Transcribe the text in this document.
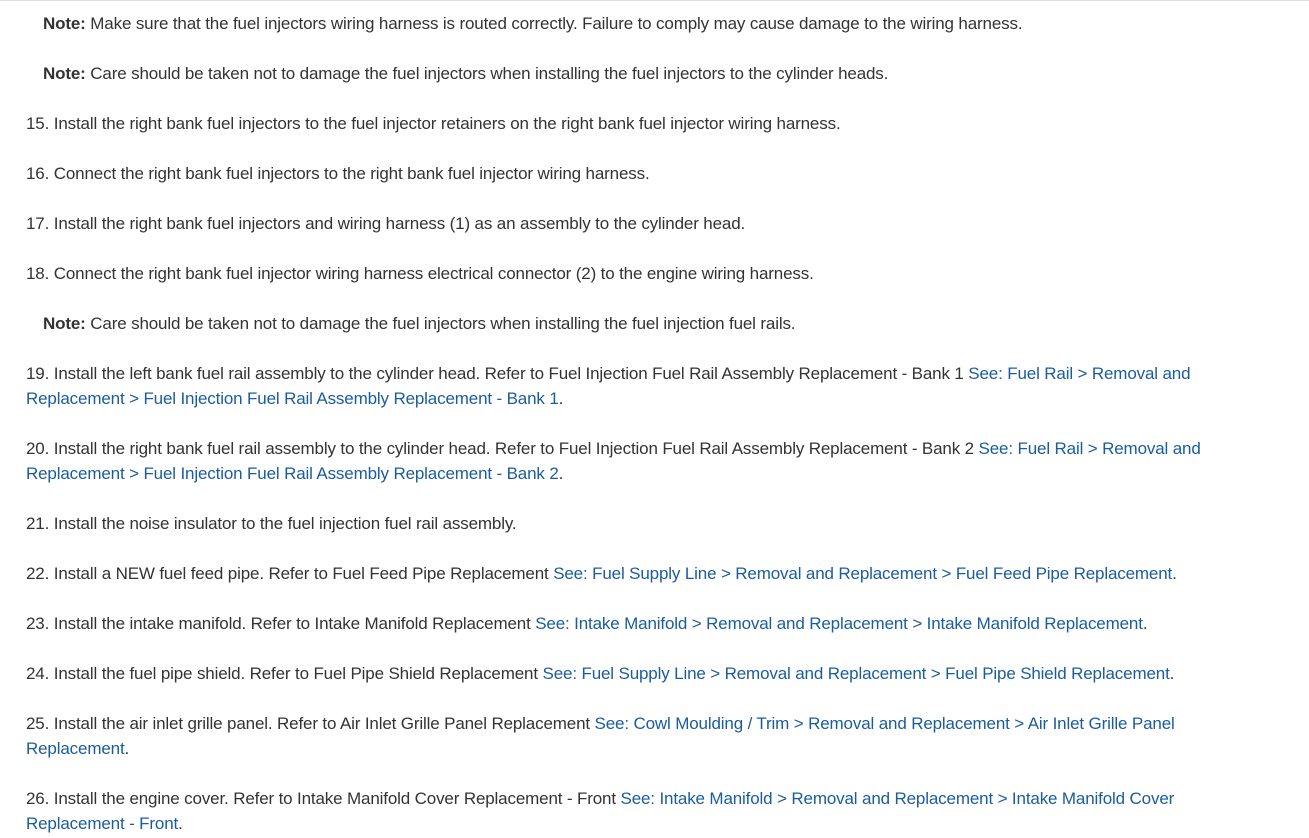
Note: Make sure that the fuel injectors wiring harness is routed correctly. Failure to comply may cause damage to the wiring harness.

Note: Care should be taken not to damage the fuel injectors when installing the fuel injectors to the cylinder heads.

15. Install the right bank fuel injectors to the fuel injector retainers on the right bank fuel injector wiring harness.

16. Connect the right bank fuel injectors to the right bank fuel injector wiring harness.

17. Install the right bank fuel injectors and wiring harness (1) as an assembly to the cylinder head.

18. Connect the right bank fuel injector wiring harness electrical connector (2) to the engine wiring harness.

Note: Care should be taken not to damage the fuel injectors when installing the fuel injection fuel rails.

19. Install the left bank fuel rail assembly to the cylinder head. Refer to Fuel Injection Fuel Rail Assembly Replacement - Bank 1 See: Fuel Rail > Removal and Replacement > Fuel Injection Fuel Rail Assembly Replacement - Bank 1.

20. Install the right bank fuel rail assembly to the cylinder head. Refer to Fuel Injection Fuel Rail Assembly Replacement - Bank 2 See: Fuel Rail > Removal and Replacement > Fuel Injection Fuel Rail Assembly Replacement - Bank 2.

21. Install the noise insulator to the fuel injection fuel rail assembly.

22. Install a NEW fuel feed pipe. Refer to Fuel Feed Pipe Replacement See: Fuel Supply Line > Removal and Replacement > Fuel Feed Pipe Replacement.

23. Install the intake manifold. Refer to Intake Manifold Replacement See: Intake Manifold > Removal and Replacement > Intake Manifold Replacement.

24. Install the fuel pipe shield. Refer to Fuel Pipe Shield Replacement See: Fuel Supply Line > Removal and Replacement > Fuel Pipe Shield Replacement.

25. Install the air inlet grille panel. Refer to Air Inlet Grille Panel Replacement See: Cowl Moulding / Trim > Removal and Replacement > Air Inlet Grille Panel Replacement.

26. Install the engine cover. Refer to Intake Manifold Cover Replacement - Front See: Intake Manifold > Removal and Replacement > Intake Manifold Cover Replacement - Front.
